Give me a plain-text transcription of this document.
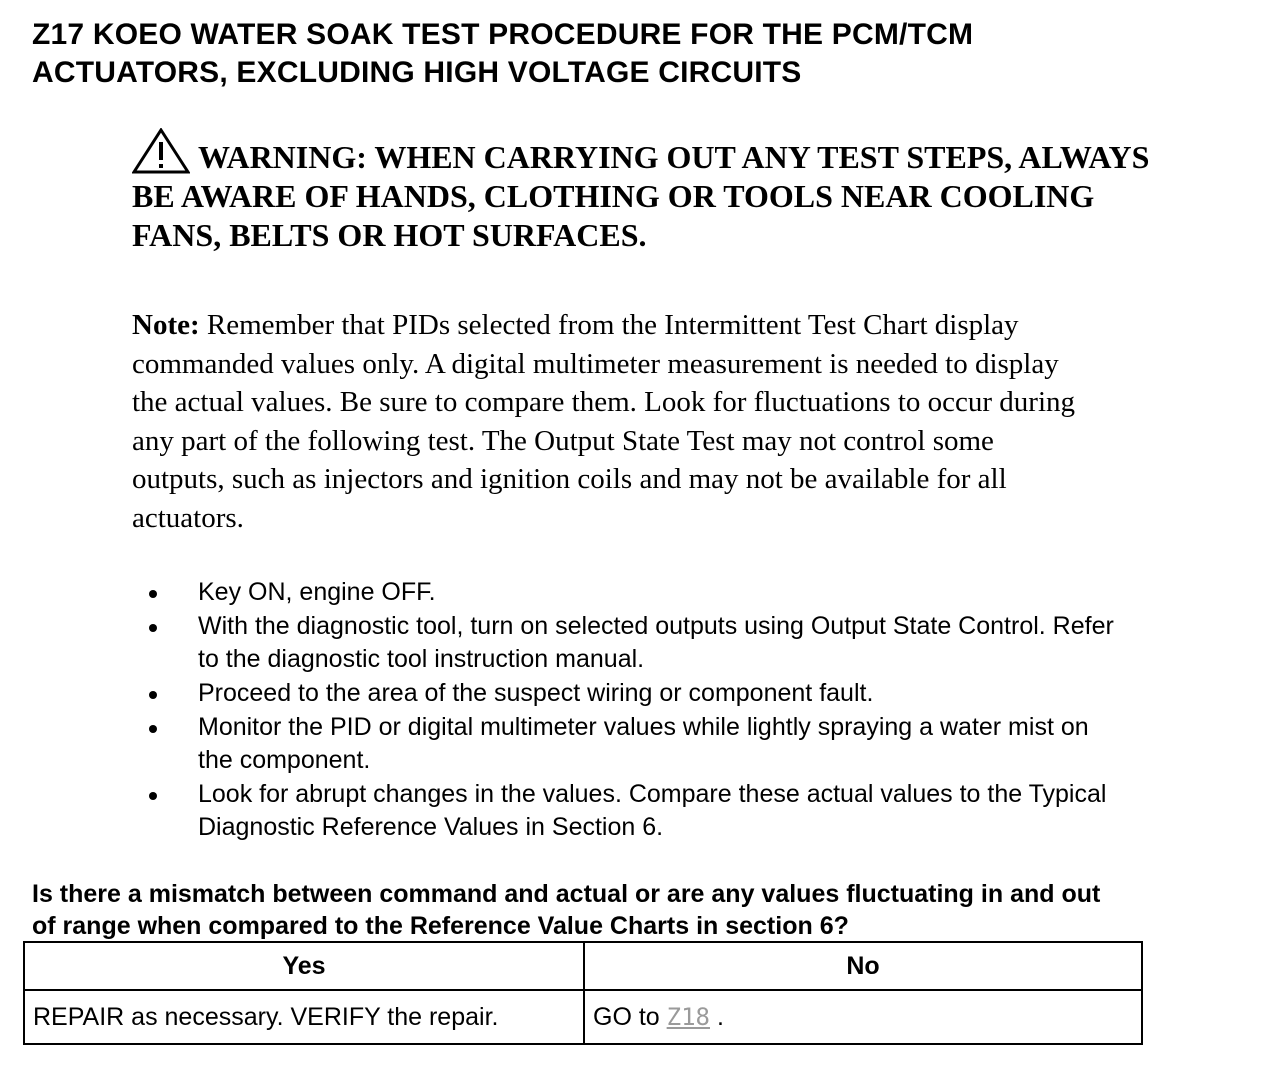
Z17 KOEO WATER SOAK TEST PROCEDURE FOR THE PCM/TCM
ACTUATORS, EXCLUDING HIGH VOLTAGE CIRCUITS
WARNING: WHEN CARRYING OUT ANY TEST STEPS, ALWAYS
BE AWARE OF HANDS, CLOTHING OR TOOLS NEAR COOLING
FANS, BELTS OR HOT SURFACES.
Note: Remember that PIDs selected from the Intermittent Test Chart display
commanded values only. A digital multimeter measurement is needed to display
the actual values. Be sure to compare them. Look for fluctuations to occur during
any part of the following test. The Output State Test may not control some
outputs, such as injectors and ignition coils and may not be available for all
actuators.
Key ON, engine OFF.
With the diagnostic tool, turn on selected outputs using Output State Control. Refer
to the diagnostic tool instruction manual.
Proceed to the area of the suspect wiring or component fault.
Monitor the PID or digital multimeter values while lightly spraying a water mist on
the component.
Look for abrupt changes in the values. Compare these actual values to the Typical
Diagnostic Reference Values in Section 6.
Is there a mismatch between command and actual or are any values fluctuating in and out
of range when compared to the Reference Value Charts in section 6?
Yes	No
REPAIR as necessary. VERIFY the repair.	GO to Z18 .
